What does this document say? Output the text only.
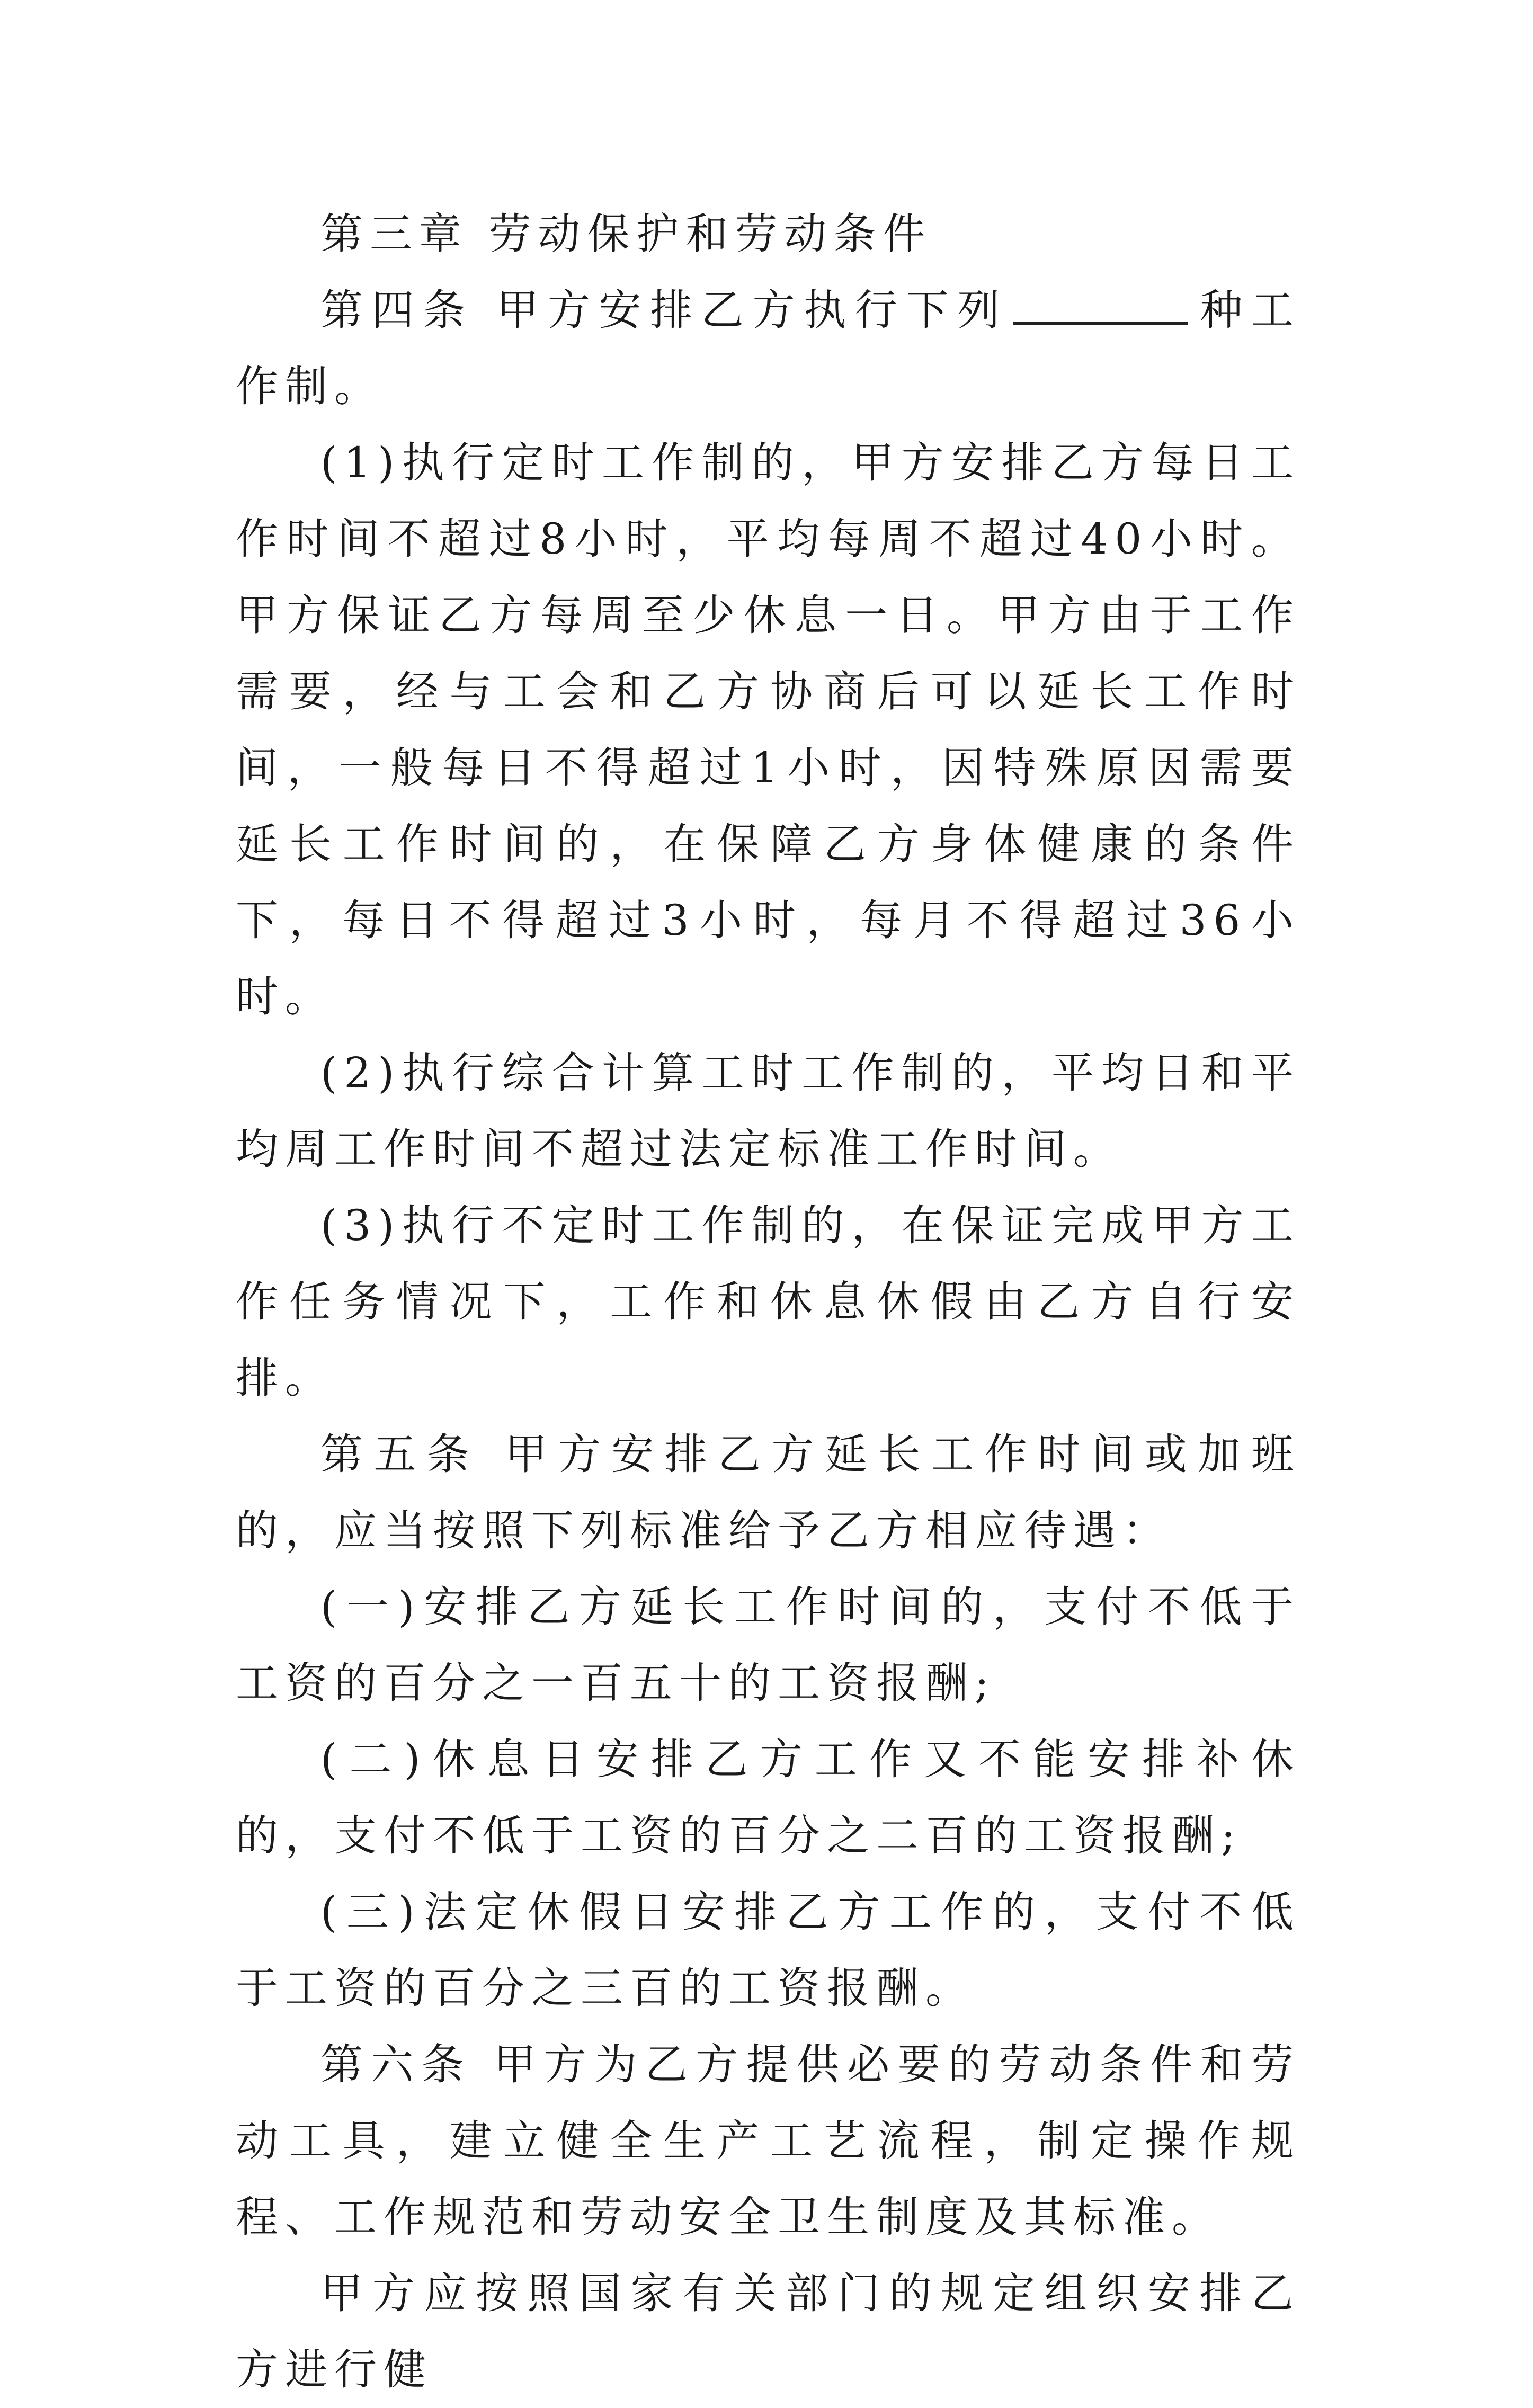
第三章 劳动保护和劳动条件

第四条 甲方安排乙方执行下列	种工作制。

(1)执行定时工作制的，甲方安排乙方每日工作时间不超过8小时，平均每周不超过40小时。甲方保证乙方每周至少休息一日。甲方由于工作需要，经与工会和乙方协商后可以延长工作时间，一般每日不得超过1小时，因特殊原因需要延长工作时间的，在保障乙方身体健康的条件下，每日不得超过3小时，每月不得超过36小时。

(2)执行综合计算工时工作制的，平均日和平均周工作时间不超过法定标准工作时间。

(3)执行不定时工作制的，在保证完成甲方工作任务情况下，工作和休息休假由乙方自行安排。

第五条 甲方安排乙方延长工作时间或加班的，应当按照下列标准给予乙方相应待遇：

(一)安排乙方延长工作时间的，支付不低于工资的百分之一百五十的工资报酬;

(二)休息日安排乙方工作又不能安排补休的，支付不低于工资的百分之二百的工资报酬;

(三)法定休假日安排乙方工作的，支付不低于工资的百分之三百的工资报酬。

第六条 甲方为乙方提供必要的劳动条件和劳动工具，建立健全生产工艺流程，制定操作规程、工作规范和劳动安全卫生制度及其标准。

甲方应按照国家有关部门的规定组织安排乙方进行健
